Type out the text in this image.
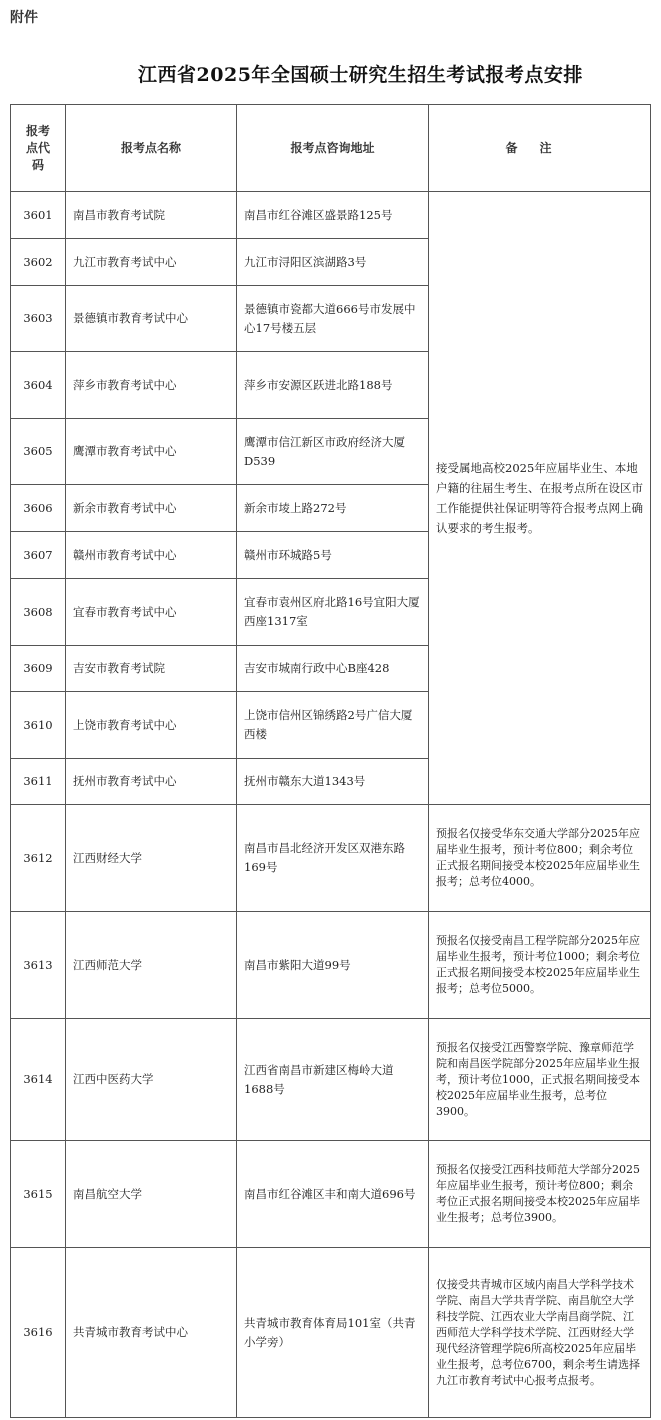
附件
江西省2025年全国硕士研究生招生考试报考点安排
报考点代码	报考点名称	报考点咨询地址	备注
3601	南昌市教育考试院	南昌市红谷滩区盛景路125号	接受属地高校2025年应届毕业生、本地户籍的往届生考生、在报考点所在设区市工作能提供社保证明等符合报考点网上确认要求的考生报考。
3602	九江市教育考试中心	九江市浔阳区滨湖路3号	
3603	景德镇市教育考试中心	景德镇市瓷都大道666号市发展中心17号楼五层	
3604	萍乡市教育考试中心	萍乡市安源区跃进北路188号	
3605	鹰潭市教育考试中心	鹰潭市信江新区市政府经济大厦D539	
3606	新余市教育考试中心	新余市堎上路272号	
3607	赣州市教育考试中心	赣州市环城路5号	
3608	宜春市教育考试中心	宜春市袁州区府北路16号宜阳大厦西座1317室	
3609	吉安市教育考试院	吉安市城南行政中心B座428	
3610	上饶市教育考试中心	上饶市信州区锦绣路2号广信大厦西楼	
3611	抚州市教育考试中心	抚州市赣东大道1343号	
3612	江西财经大学	南昌市昌北经济开发区双港东路169号	预报名仅接受华东交通大学部分2025年应届毕业生报考，预计考位800；剩余考位正式报名期间接受本校2025年应届毕业生报考；总考位4000。
3613	江西师范大学	南昌市紫阳大道99号	预报名仅接受南昌工程学院部分2025年应届毕业生报考，预计考位1000；剩余考位正式报名期间接受本校2025年应届毕业生报考；总考位5000。
3614	江西中医药大学	江西省南昌市新建区梅岭大道1688号	预报名仅接受江西警察学院、豫章师范学院和南昌医学院部分2025年应届毕业生报考，预计考位1000，正式报名期间接受本校2025年应届毕业生报考，总考位3900。
3615	南昌航空大学	南昌市红谷滩区丰和南大道696号	预报名仅接受江西科技师范大学部分2025年应届毕业生报考，预计考位800；剩余考位正式报名期间接受本校2025年应届毕业生报考；总考位3900。
3616	共青城市教育考试中心	共青城市教育体育局101室（共青小学旁）	仅接受共青城市区域内南昌大学科学技术学院、南昌大学共青学院、南昌航空大学科技学院、江西农业大学南昌商学院、江西师范大学科学技术学院、江西财经大学现代经济管理学院6所高校2025年应届毕业生报考，总考位6700，剩余考生请选择九江市教育考试中心报考点报考。
